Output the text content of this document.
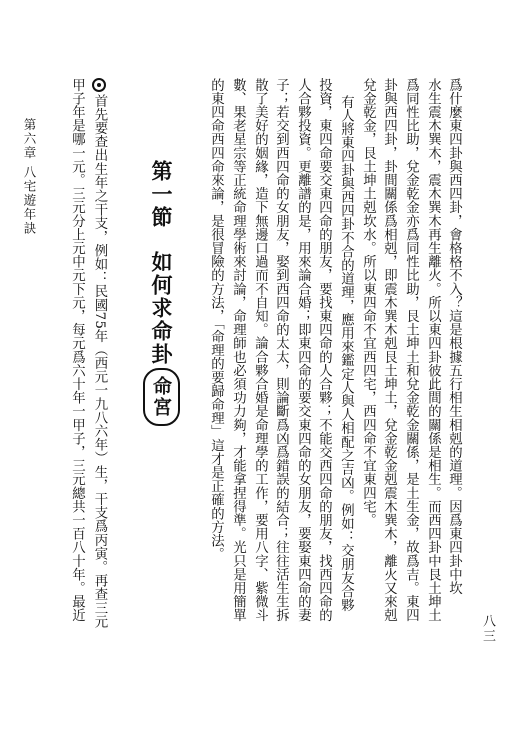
八三
爲什麼東四卦與西四卦，會格格不入？這是根據五行相生相剋的道理。因爲東四卦中坎
水生震木巽木，震木巽木再生離火。所以東四卦彼此間的關係是相生。而西四卦中艮土坤土
爲同性比助，兌金乾金亦爲同性比助，艮土坤土和兌金乾金關係，是土生金，故爲吉。東四
卦與西四卦，卦間關係爲相剋，即震木巽木剋艮土坤土，兌金乾金剋震木巽木，離火又來剋
兌金乾金，艮土坤土剋坎水。所以東四命不宜西四宅，西四命不宜東四宅。
有人將東四卦與西四卦不合的道理，應用來鑑定人與人相配之吉凶。例如：交朋友合夥
投資，東四命要交東四命的朋友，要找東四命的人合夥；不能交西四命的朋友，找西四命的
人合夥投資。更離譜的是，用來論合婚；即東四命的要交東四命的女朋友，要娶東四命的妻
子；若交到西四命的女朋友，娶到西四命的太太，則論斷爲凶爲錯誤的結合；往往活生生拆
散了美好的姻緣，造下無邊口過而不自知。論合夥合婚是命理學的工作，要用八字、紫微斗
數、果老星宗等正統命理學術來討論，命理師也必須功力夠，才能拿捏得準。光只是用簡單
的東四命西四命來論，是很冒險的方法，「命理的要歸命理」這才是正確的方法。
第一節如何求命卦命宮
首先要查出生年之干支，例如：民國75年（西元一九八六年）生，干支爲丙寅。再查三元
甲子年是哪一元。三元分上元中元下元，每元爲六十年一甲子，三元總共一百八十年。最近
第六章 八宅遊年訣
